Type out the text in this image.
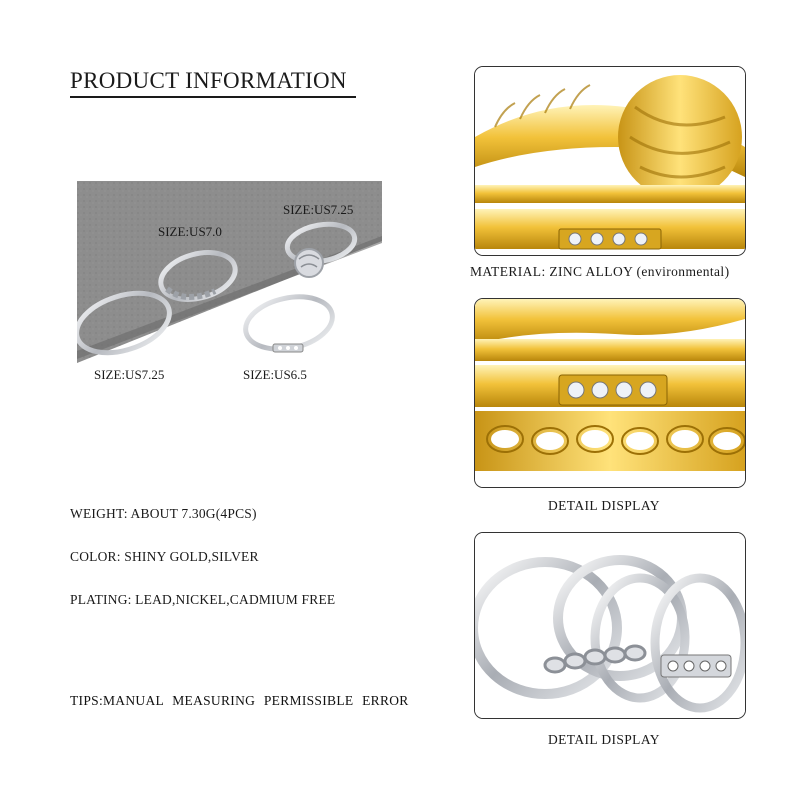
PRODUCT INFORMATION
SIZE:US7.25
SIZE:US7.0
SIZE:US7.25	SIZE:US6.5
WEIGHT: ABOUT 7.30G(4PCS)
COLOR: SHINY GOLD,SILVER
PLATING: LEAD,NICKEL,CADMIUM FREE
TIPS:MANUAL MEASURING PERMISSIBLE ERROR
MATERIAL: ZINC ALLOY (environmental)
DETAIL DISPLAY
DETAIL DISPLAY
